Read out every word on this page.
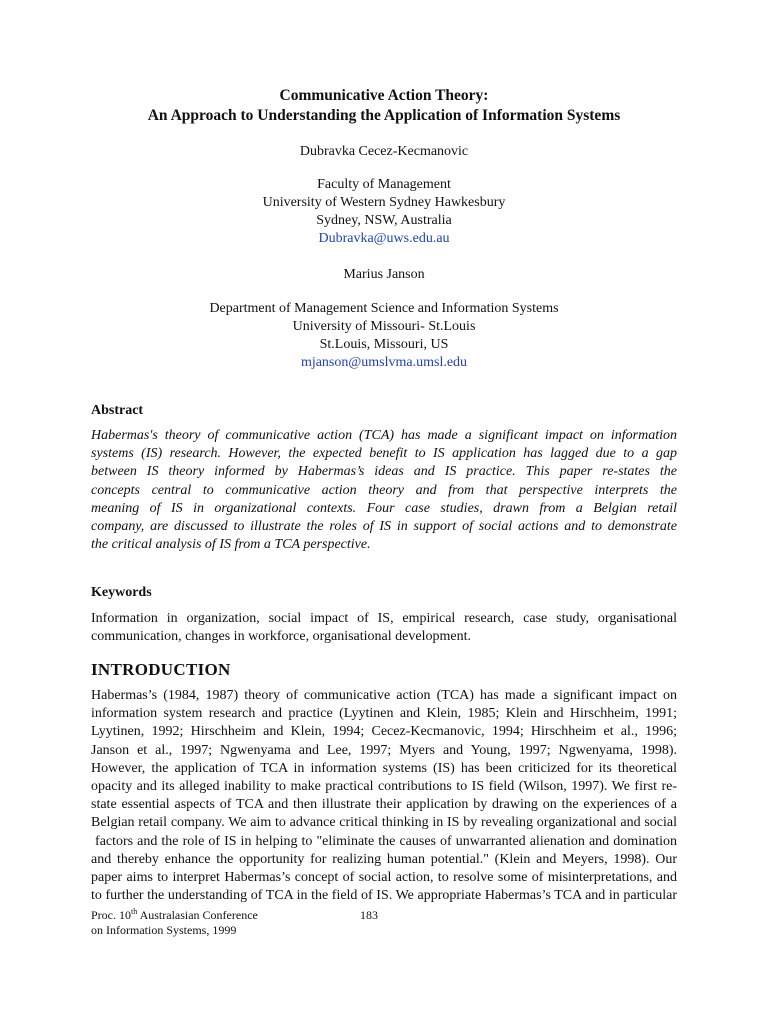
Communicative Action Theory:
An Approach to Understanding the Application of Information Systems
Dubravka Cecez-Kecmanovic
Faculty of Management
University of Western Sydney Hawkesbury
Sydney, NSW, Australia
Dubravka@uws.edu.au
Marius Janson
Department of Management Science and Information Systems
University of Missouri- St.Louis
St.Louis, Missouri, US
mjanson@umslvma.umsl.edu
Abstract
Habermas's theory of communicative action (TCA) has made a significant impact on information
systems (IS) research. However, the expected benefit to IS application has lagged due to a gap
between IS theory informed by Habermas’s ideas and IS practice. This paper re-states the
concepts central to communicative action theory and from that perspective interprets the
meaning of IS in organizational contexts. Four case studies, drawn from a Belgian retail
company, are discussed to illustrate the roles of IS in support of social actions and to demonstrate
the critical analysis of IS from a TCA perspective.
Keywords
Information in organization, social impact of IS, empirical research, case study, organisational
communication, changes in workforce, organisational development.
INTRODUCTION
Habermas’s (1984, 1987) theory of communicative action (TCA) has made a significant impact on
information system research and practice (Lyytinen and Klein, 1985; Klein and Hirschheim, 1991;
Lyytinen, 1992; Hirschheim and Klein, 1994; Cecez-Kecmanovic, 1994; Hirschheim et al., 1996;
Janson et al., 1997; Ngwenyama and Lee, 1997; Myers and Young, 1997; Ngwenyama, 1998).
However, the application of TCA in information systems (IS) has been criticized for its theoretical
opacity and its alleged inability to make practical contributions to IS field (Wilson, 1997). We first re-
state essential aspects of TCA and then illustrate their application by drawing on the experiences of a
Belgian retail company. We aim to advance critical thinking in IS by revealing organizational and social
factors and the role of IS in helping to "eliminate the causes of unwarranted alienation and domination
and thereby enhance the opportunity for realizing human potential." (Klein and Meyers, 1998). Our
paper aims to interpret Habermas’s concept of social action, to resolve some of misinterpretations, and
to further the understanding of TCA in the field of IS. We appropriate Habermas’s TCA and in particular
Proc. 10th Australasian Conference
on Information Systems, 1999
183
